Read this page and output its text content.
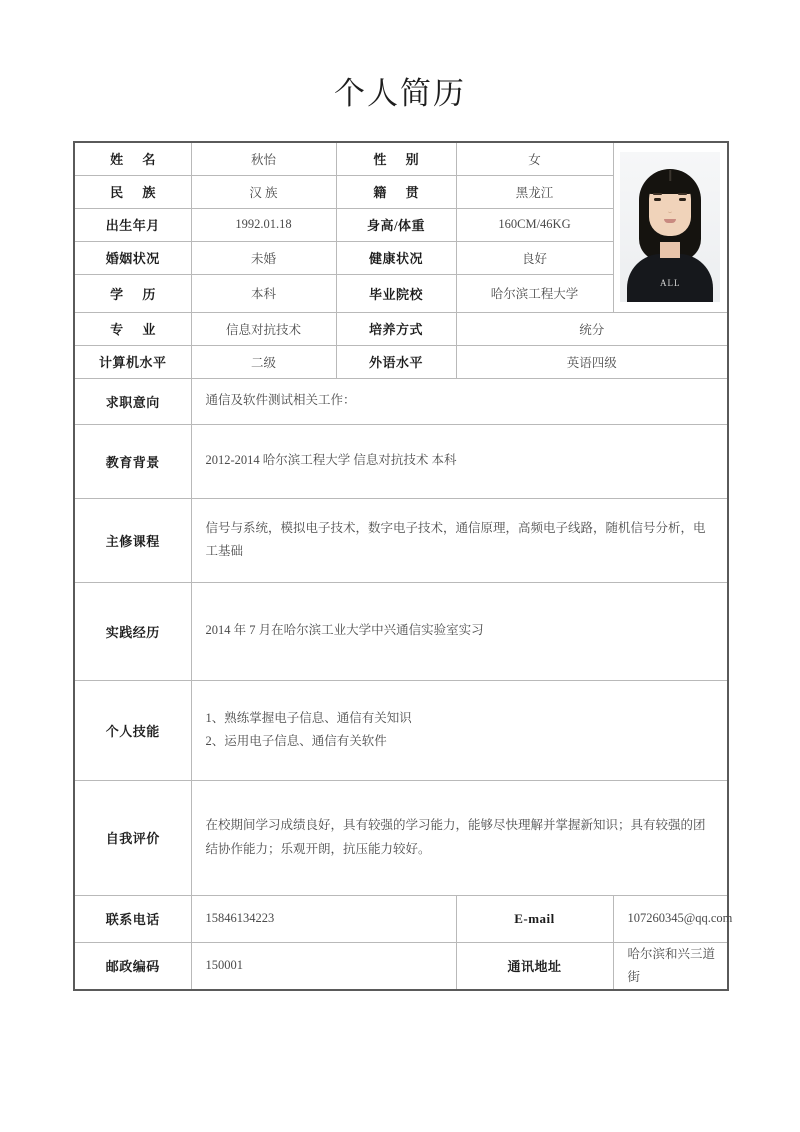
个人简历
姓 名	秋怡	性 别	女	ALL

民 族	汉 族	籍 贯	黑龙江	
出生年月	1992.01.18	身高/体重	160CM/46KG	
婚姻状况	未婚	健康状况	良好	
学 历	本科	毕业院校	哈尔滨工程大学	
专 业	信息对抗技术	培养方式	统分	
计算机水平	二级	外语水平	英语四级	
求职意向	通信及软件测试相关工作：			
教育背景	2012-2014 哈尔滨工程大学 信息对抗技术 本科			
主修课程	信号与系统，模拟电子技术，数字电子技术，通信原理，高频电子线路，随机信号分析，电工基础			
实践经历	2014 年 7 月在哈尔滨工业大学中兴通信实验室实习			
个人技能	1、熟练掌握电子信息、通信有关知识
2、运用电子信息、通信有关软件			

自我评价	在校期间学习成绩良好，具有较强的学习能力，能够尽快理解并掌握新知识；具有较强的团结协作能力；乐观开朗，抗压能力较好。			
联系电话	15846134223		E-mail	107260345@qq.com
邮政编码	150001		通讯地址	哈尔滨和兴三道街
